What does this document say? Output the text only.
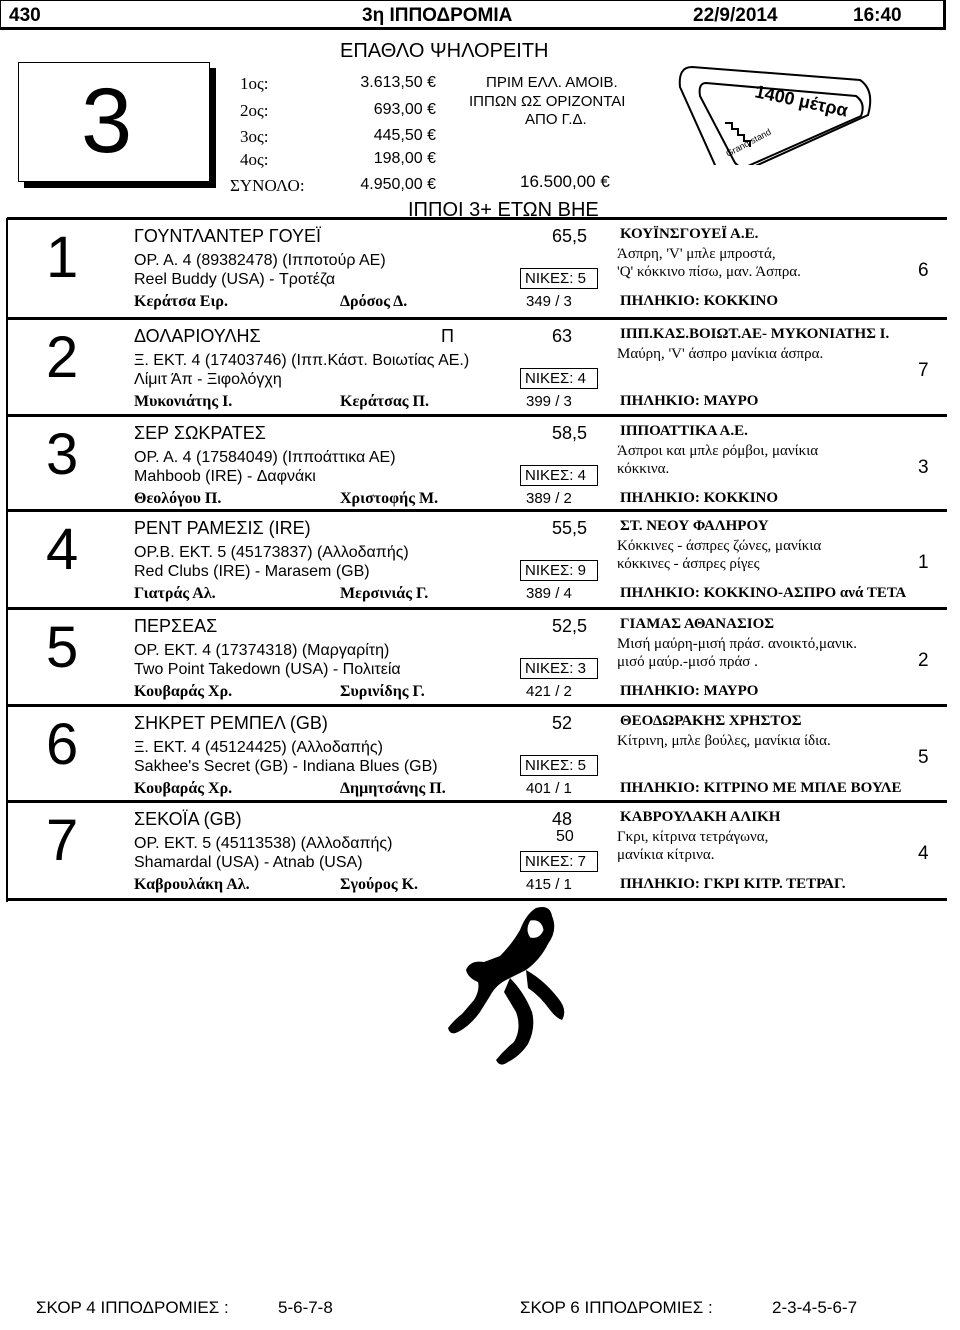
430	3η ΙΠΠΟΔΡΟΜΙΑ	22/9/2014	16:40
3
ΕΠΑΘΛΟ ΨΗΛΟΡΕΙΤΗ
1ος:	3.613,50 €
2ος:	693,00 €
3ος:	445,50 €
4ος:	198,00 €
ΣΥΝΟΛΟ:	4.950,00 €
ΠΡΙΜ ΕΛΛ. ΑΜΟΙΒ.
ΙΠΠΩΝ ΩΣ ΟΡΙΖΟΝΤΑΙ
ΑΠΟ Γ.Δ.
16.500,00 €
ΙΠΠΟΙ 3+ ΕΤΩΝ ΒΗΕ
Grand stand
1400 μέτρα
1	ΓΟΥΝΤΛΑΝΤΕΡ ΓΟΥΕΪ	65,5
ΟΡ. Α. 4 (89382478) (Ιπποτούρ ΑΕ)
Reel Buddy (USA) - Τροτέζα	ΝΙΚΕΣ: 5
Κεράτσα Ειρ.	Δρόσος Δ.	349 / 3
ΚΟΥΪΝΣΓΟΥΕΪ Α.Ε.
Άσπρη, 'V' μπλε μπροστά,
'Q' κόκκινο πίσω, μαν. Άσπρα.
ΠΗΛΗΚΙΟ: ΚΟΚΚΙΝΟ
6
2	ΔΟΛΑΡΙΟΥΛΗΣ	Π	63
Ξ. ΕΚΤ. 4 (17403746) (Ιππ.Κάστ. Βοιωτίας ΑΕ.)
Λίμιτ Άπ - Ξιφολόγχη	ΝΙΚΕΣ: 4
Μυκονιάτης Ι.	Κεράτσας Π.	399 / 3
ΙΠΠ.ΚΑΣ.ΒΟΙΩΤ.ΑΕ- ΜΥΚΟΝΙΑΤΗΣ Ι.
Μαύρη, 'V' άσπρο μανίκια άσπρα.
ΠΗΛΗΚΙΟ: ΜΑΥΡΟ
7
3	ΣΕΡ ΣΩΚΡΑΤΕΣ	58,5
ΟΡ. Α. 4 (17584049) (Ιπποάττικα ΑΕ)
Mahboob (IRE) - Δαφνάκι	ΝΙΚΕΣ: 4
Θεολόγου Π.	Χριστοφής Μ.	389 / 2
ΙΠΠΟΑΤΤΙΚΑ Α.Ε.
Άσπροι και μπλε ρόμβοι, μανίκια
κόκκινα.
ΠΗΛΗΚΙΟ: ΚΟΚΚΙΝΟ
3
4	ΡΕΝΤ ΡΑΜΕΣΙΣ (IRE)	55,5
ΟΡ.Β. ΕΚΤ. 5 (45173837) (Αλλοδαπής)
Red Clubs (IRE) - Marasem (GB)	ΝΙΚΕΣ: 9
Γιατράς Αλ.	Μερσινιάς Γ.	389 / 4
ΣΤ. ΝΕΟΥ ΦΑΛΗΡΟΥ
Κόκκινες - άσπρες ζώνες, μανίκια
κόκκινες - άσπρες ρίγες
ΠΗΛΗΚΙΟ: ΚΟΚΚΙΝΟ-ΑΣΠΡΟ ανά ΤΕΤΑ
1
5	ΠΕΡΣΕΑΣ	52,5
ΟΡ. ΕΚΤ. 4 (17374318) (Μαργαρίτη)
Two Point Takedown (USA) - Πολιτεία	ΝΙΚΕΣ: 3
Κουβαράς Χρ.	Συρινίδης Γ.	421 / 2
ΓΙΑΜΑΣ ΑΘΑΝΑΣΙΟΣ
Μισή μαύρη-μισή πράσ. ανοικτό,μανικ.
μισό μαύρ.-μισό πράσ .
ΠΗΛΗΚΙΟ: ΜΑΥΡΟ
2
6	ΣΗΚΡΕΤ ΡΕΜΠΕΛ (GB)	52
Ξ. ΕΚΤ. 4 (45124425) (Αλλοδαπής)
Sakhee's Secret (GB) - Indiana Blues (GB)	ΝΙΚΕΣ: 5
Κουβαράς Χρ.	Δημητσάνης Π.	401 / 1
ΘΕΟΔΩΡΑΚΗΣ ΧΡΗΣΤΟΣ
Κίτρινη, μπλε βούλες, μανίκια ίδια.
ΠΗΛΗΚΙΟ: ΚΙΤΡΙΝΟ ΜΕ ΜΠΛΕ ΒΟΥΛΕ
5
7	ΣΕΚΟΪΑ (GB)	48
50
ΟΡ. ΕΚΤ. 5 (45113538) (Αλλοδαπής)
Shamardal (USA) - Atnab (USA)	ΝΙΚΕΣ: 7
Καβρουλάκη Αλ.	Σγούρος Κ.	415 / 1
ΚΑΒΡΟΥΛΑΚΗ ΑΛΙΚΗ
Γκρι, κίτρινα τετράγωνα,
μανίκια κίτρινα.
ΠΗΛΗΚΙΟ: ΓΚΡΙ ΚΙΤΡ. ΤΕΤΡΑΓ.
4
ΣΚΟΡ 4 ΙΠΠΟΔΡΟΜΙΕΣ :	5-6-7-8	ΣΚΟΡ 6 ΙΠΠΟΔΡΟΜΙΕΣ :	2-3-4-5-6-7
